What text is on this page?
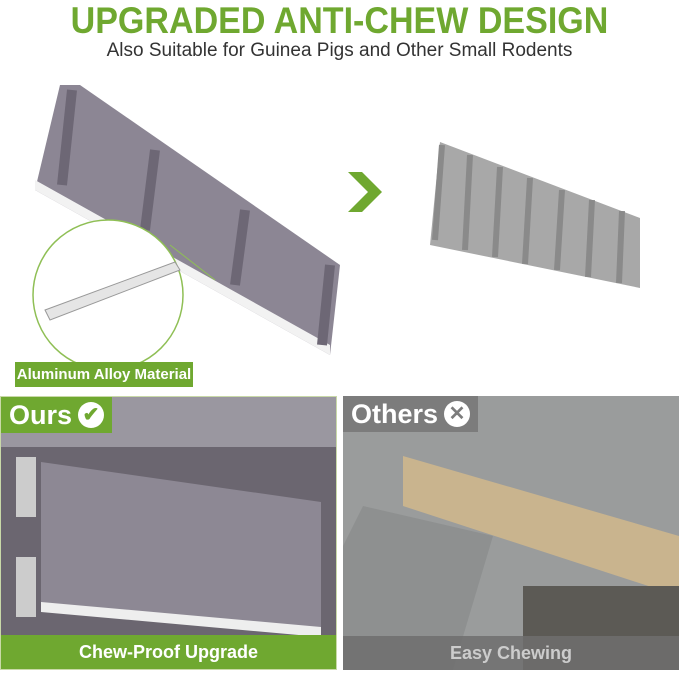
UPGRADED ANTI-CHEW DESIGN
Also Suitable for Guinea Pigs and Other Small Rodents
Aluminum Alloy Material
Ours ✔
Chew-Proof Upgrade
Others ✕
Easy Chewing
